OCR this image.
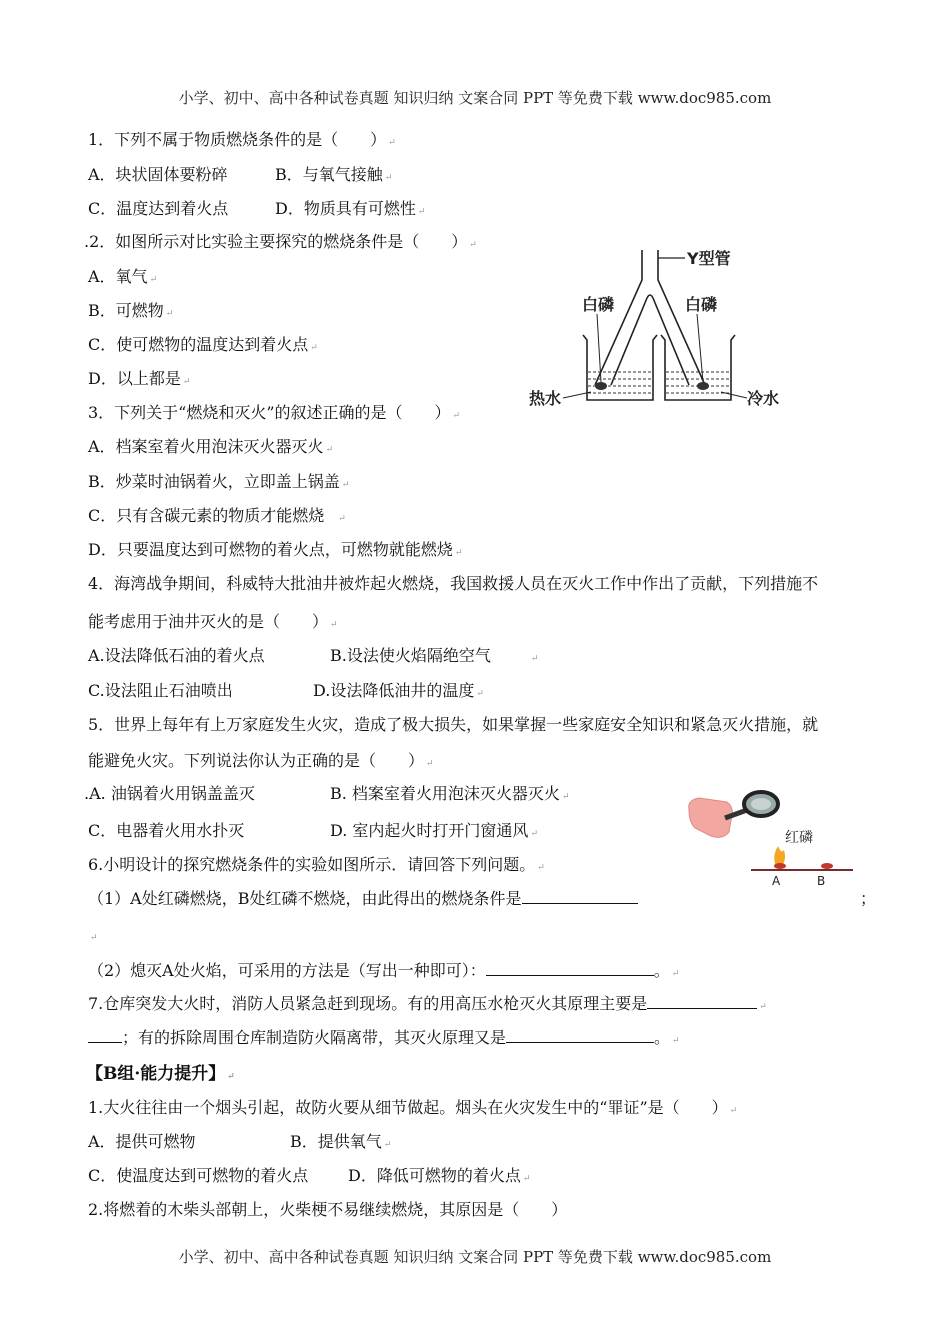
小学、初中、高中各种试卷真题 知识归纳 文案合同 PPT 等免费下载 www.doc985.com
1．下列不属于物质燃烧条件的是（　　） ↵
A．块状固体要粉碎	B．与氧气接触 ↵
C．温度达到着火点	D．物质具有可燃性 ↵
.2．如图所示对比实验主要探究的燃烧条件是（　　） ↵
A．氧气 ↵
B．可燃物 ↵
C．使可燃物的温度达到着火点 ↵
D．以上都是 ↵
Y型管
白磷	白磷
热水	冷水
3．下列关于“燃烧和灭火”的叙述正确的是（　　） ↵
A．档案室着火用泡沫灭火器灭火 ↵
B．炒菜时油锅着火，立即盖上锅盖 ↵
C．只有含碳元素的物质才能燃烧 ↵
D．只要温度达到可燃物的着火点，可燃物就能燃烧 ↵
4．海湾战争期间，科威特大批油井被炸起火燃烧，我国救援人员在灭火工作中作出了贡献，下列措施不
能考虑用于油井灭火的是（　　） ↵
A.设法降低石油的着火点	B.设法使火焰隔绝空气	↵
C.设法阻止石油喷出	D.设法降低油井的温度 ↵
5．世界上每年有上万家庭发生火灾，造成了极大损失，如果掌握一些家庭安全知识和紧急灭火措施，就
能避免火灾。下列说法你认为正确的是（　　） ↵
.A. 油锅着火用锅盖盖灭	B. 档案室着火用泡沫灭火器灭火 ↵
C．电器着火用水扑灭	D. 室内起火时打开门窗通风 ↵	红磷
A	B
6.小明设计的探究燃烧条件的实验如图所示．请回答下列问题。 ↵
（1）A处红磷燃烧，B处红磷不燃烧，由此得出的燃烧条件是	；
↵
（2）熄灭A处火焰，可采用的方法是（写出一种即可）：	。 ↵
7.仓库突发大火时，消防人员紧急赶到现场。有的用高压水枪灭火其原理主要是	↵
；有的拆除周围仓库制造防火隔离带，其灭火原理又是	。 ↵
【B组·能力提升】 ↵
1.大火往往由一个烟头引起，故防火要从细节做起。烟头在火灾发生中的“罪证”是（　　） ↵
A．提供可燃物	B．提供氧气 ↵
C．使温度达到可燃物的着火点 D．降低可燃物的着火点 ↵
2.将燃着的木柴头部朝上，火柴梗不易继续燃烧，其原因是（　　）
小学、初中、高中各种试卷真题 知识归纳 文案合同 PPT 等免费下载 www.doc985.com
